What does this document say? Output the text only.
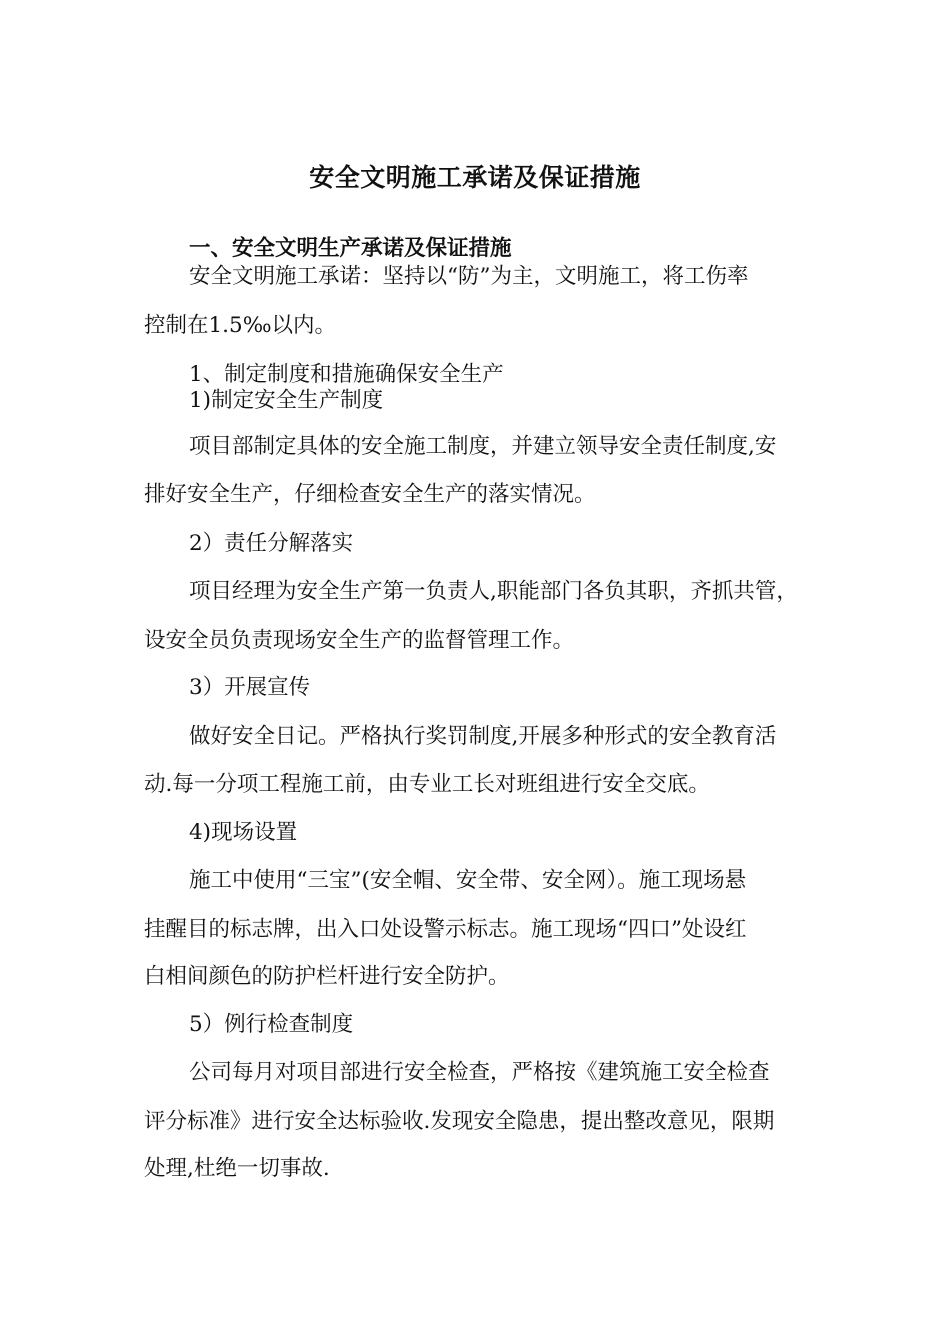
安全文明施工承诺及保证措施
一、安全文明生产承诺及保证措施
安全文明施工承诺：坚持以“防”为主，文明施工，将工伤率
控制在1.5‰以内。
1、制定制度和措施确保安全生产
1)制定安全生产制度
项目部制定具体的安全施工制度，并建立领导安全责任制度,安
排好安全生产，仔细检查安全生产的落实情况。
2）责任分解落实
项目经理为安全生产第一负责人,职能部门各负其职，齐抓共管，
设安全员负责现场安全生产的监督管理工作。
3）开展宣传
做好安全日记。严格执行奖罚制度,开展多种形式的安全教育活
动.每一分项工程施工前，由专业工长对班组进行安全交底。
4)现场设置
施工中使用“三宝”(安全帽、安全带、安全网）。施工现场悬
挂醒目的标志牌，出入口处设警示标志。施工现场“四口”处设红
白相间颜色的防护栏杆进行安全防护。
5）例行检查制度
公司每月对项目部进行安全检查，严格按《建筑施工安全检查
评分标准》进行安全达标验收.发现安全隐患，提出整改意见，限期
处理,杜绝一切事故.
